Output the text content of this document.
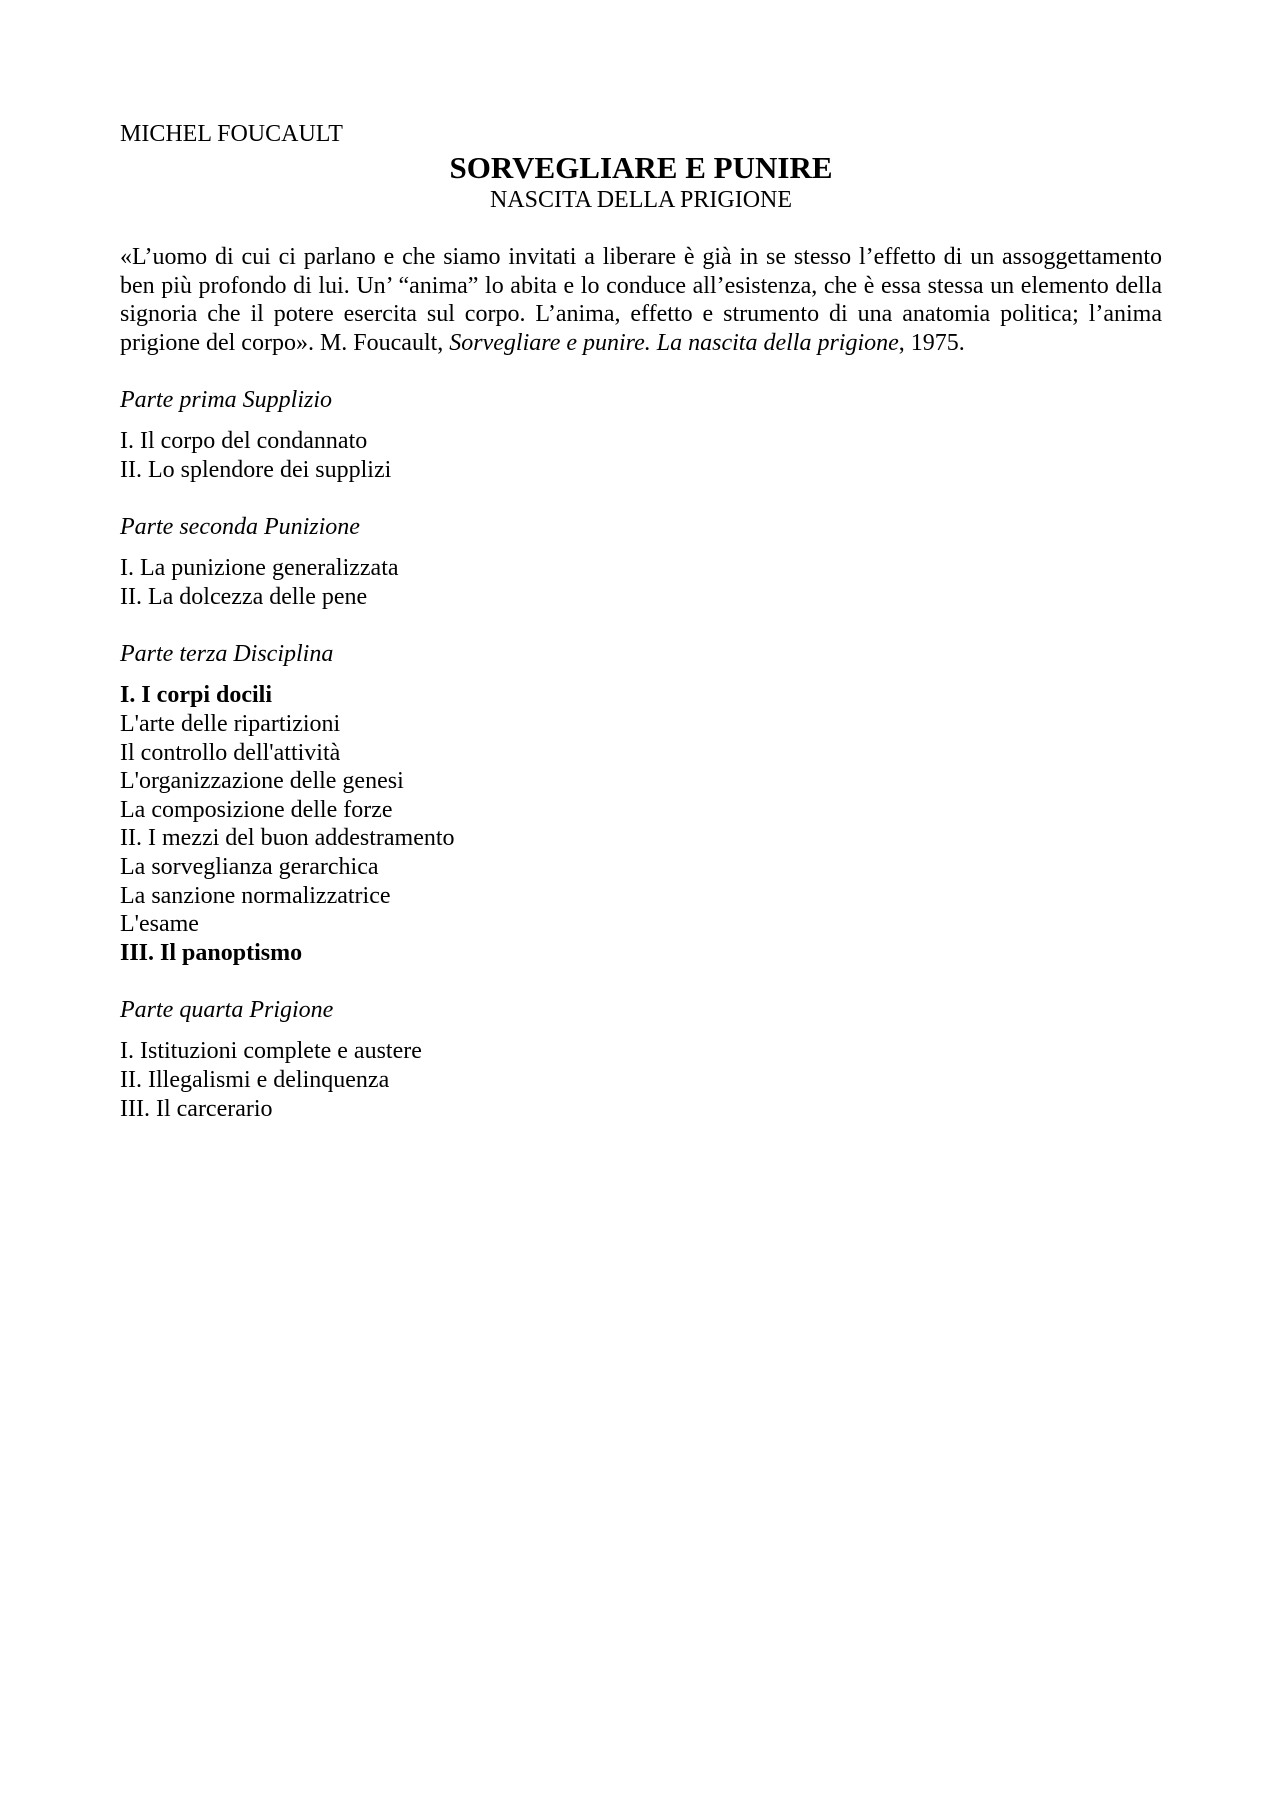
MICHEL FOUCAULT

SORVEGLIARE E PUNIRE

NASCITA DELLA PRIGIONE

«L’uomo di cui ci parlano e che siamo invitati a liberare è già in se stesso l’effetto di un assoggettamento ben più profondo di lui. Un’ “anima” lo abita e lo conduce all’esistenza, che è essa stessa un elemento della signoria che il potere esercita sul corpo. L’anima, effetto e strumento di una anatomia politica; l’anima prigione del corpo». M. Foucault, Sorvegliare e punire. La nascita della prigione, 1975.

Parte prima Supplizio

I. Il corpo del condannato
II. Lo splendore dei supplizi

Parte seconda Punizione

I. La punizione generalizzata
II. La dolcezza delle pene

Parte terza Disciplina

I. I corpi docili
L'arte delle ripartizioni
Il controllo dell'attività
L'organizzazione delle genesi
La composizione delle forze
II. I mezzi del buon addestramento
La sorveglianza gerarchica
La sanzione normalizzatrice
L'esame
III. Il panoptismo

Parte quarta Prigione

I. Istituzioni complete e austere
II. Illegalismi e delinquenza
III. Il carcerario
